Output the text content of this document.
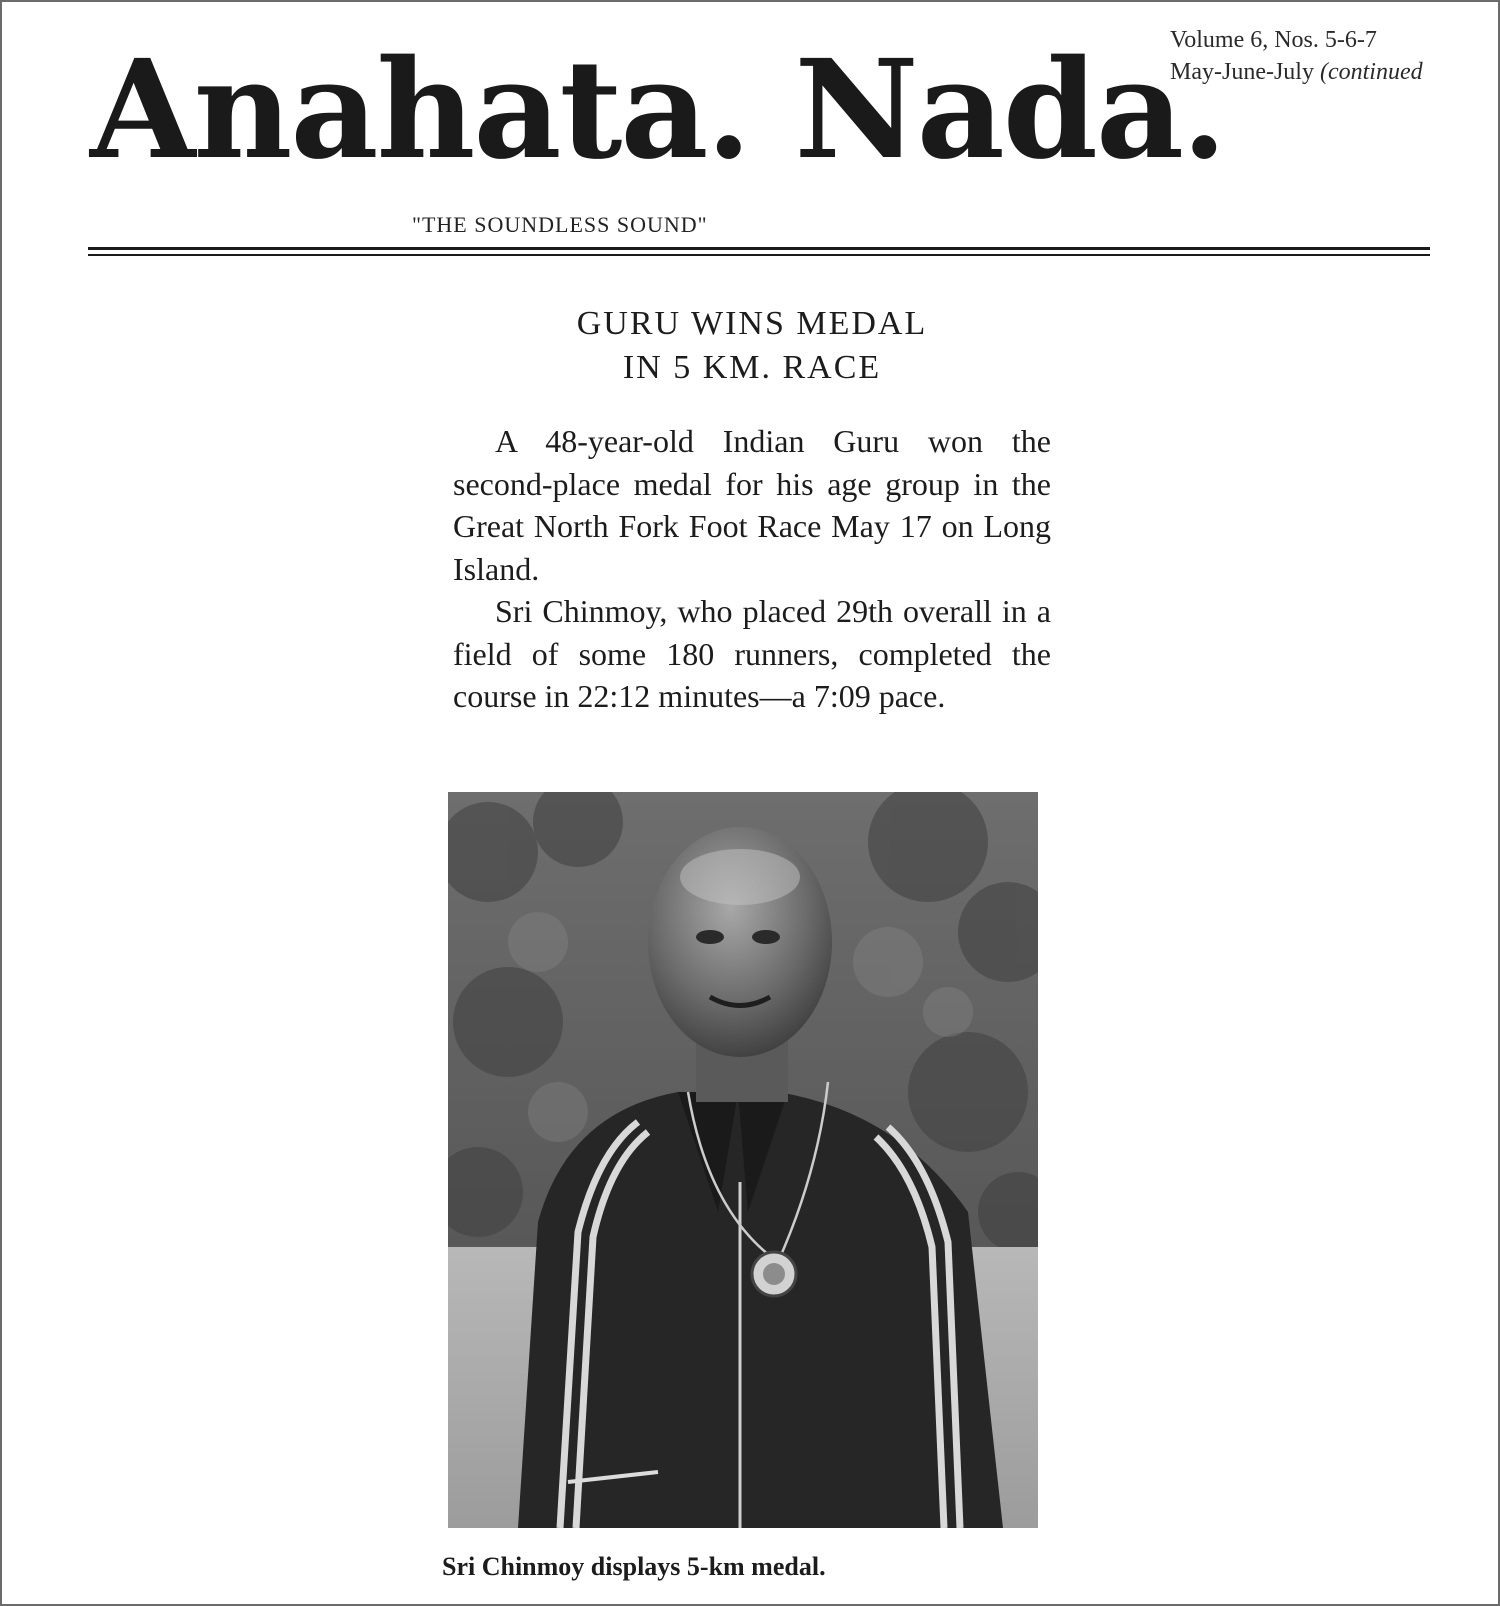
Anahata. Nada.
"THE SOUNDLESS SOUND"
Volume 6, Nos. 5-6-7
May-June-July (continued
GURU WINS MEDAL
IN 5 KM. RACE

A 48-year-old Indian Guru won the second-place medal for his age group in the Great North Fork Foot Race May 17 on Long Island.

Sri Chinmoy, who placed 29th overall in a field of some 180 runners, completed the course in 22:12 minutes—a 7:09 pace.

Sri Chinmoy displays 5-km medal.
